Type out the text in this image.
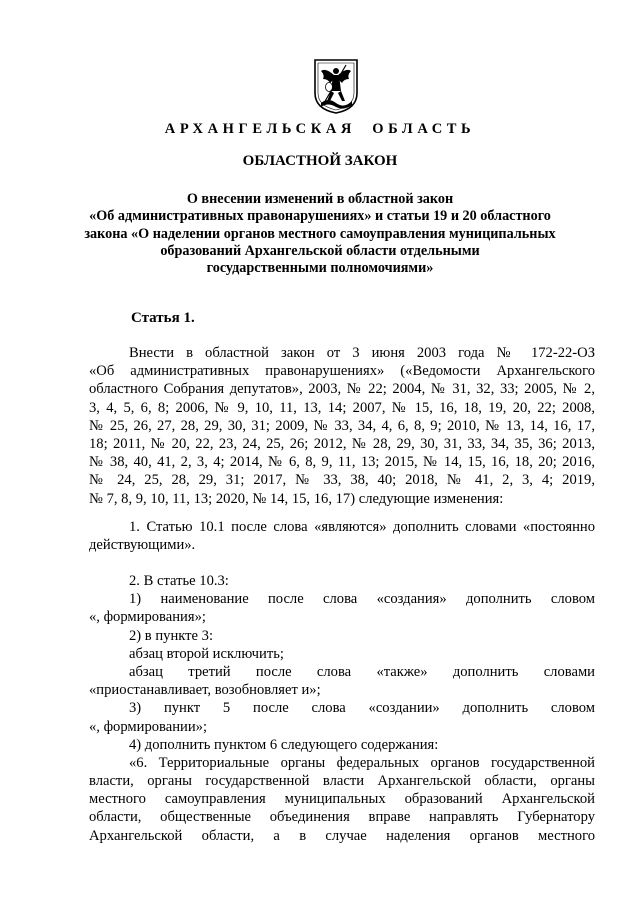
АРХАНГЕЛЬСКАЯ ОБЛАСТЬ
ОБЛАСТНОЙ ЗАКОН
О внесении изменений в областной закон
«Об административных правонарушениях» и статьи 19 и 20 областного
закона «О наделении органов местного самоуправления муниципальных
образований Архангельской области отдельными
государственными полномочиями»
Статья 1.
Внести в областной закон от 3 июня 2003 года № 172-22-ОЗ
«Об административных правонарушениях» («Ведомости Архангельского
областного Собрания депутатов», 2003, № 22; 2004, № 31, 32, 33; 2005, № 2,
3, 4, 5, 6, 8; 2006, № 9, 10, 11, 13, 14; 2007, № 15, 16, 18, 19, 20, 22; 2008,
№ 25, 26, 27, 28, 29, 30, 31; 2009, № 33, 34, 4, 6, 8, 9; 2010, № 13, 14, 16, 17,
18; 2011, № 20, 22, 23, 24, 25, 26; 2012, № 28, 29, 30, 31, 33, 34, 35, 36; 2013,
№ 38, 40, 41, 2, 3, 4; 2014, № 6, 8, 9, 11, 13; 2015, № 14, 15, 16, 18, 20; 2016,
№ 24, 25, 28, 29, 31; 2017, № 33, 38, 40; 2018, № 41, 2, 3, 4; 2019,
№ 7, 8, 9, 10, 11, 13; 2020, № 14, 15, 16, 17) следующие изменения:
1. Статью 10.1 после слова «являются» дополнить словами «постоянно
действующими».
2. В статье 10.3:
1) наименование после слова «создания» дополнить словом
«, формирования»;
2) в пункте 3:
абзац второй исключить;
абзац третий после слова «также» дополнить словами
«приостанавливает, возобновляет и»;
3) пункт 5 после слова «создании» дополнить словом
«, формировании»;
4) дополнить пунктом 6 следующего содержания:
«6. Территориальные органы федеральных органов государственной
власти, органы государственной власти Архангельской области, органы
местного самоуправления муниципальных образований Архангельской
области, общественные объединения вправе направлять Губернатору
Архангельской области, а в случае наделения органов местного
